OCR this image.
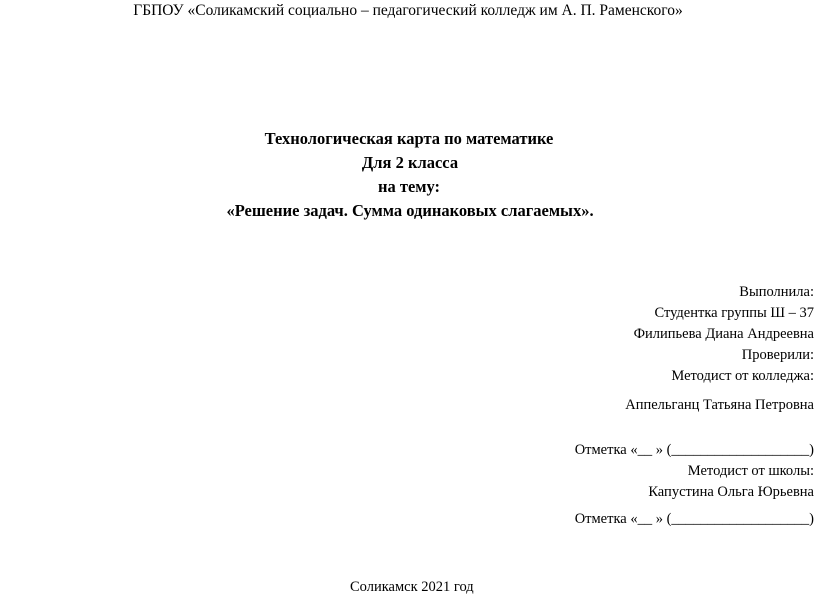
ГБПОУ «Соликамский социально – педагогический колледж им А. П. Раменского»
Технологическая карта по математике
Для 2 класса
на тему:
«Решение задач. Сумма одинаковых слагаемых».
Выполнила:
Студентка группы Ш – 37
Филипьева Диана Андреевна
Проверили:
Методист от колледжа:
Аппельганц Татьяна Петровна
Отметка «__ » (___________________)
Методист от школы:
Капустина Ольга Юрьевна
Отметка «__ » (___________________)
Соликамск 2021 год
